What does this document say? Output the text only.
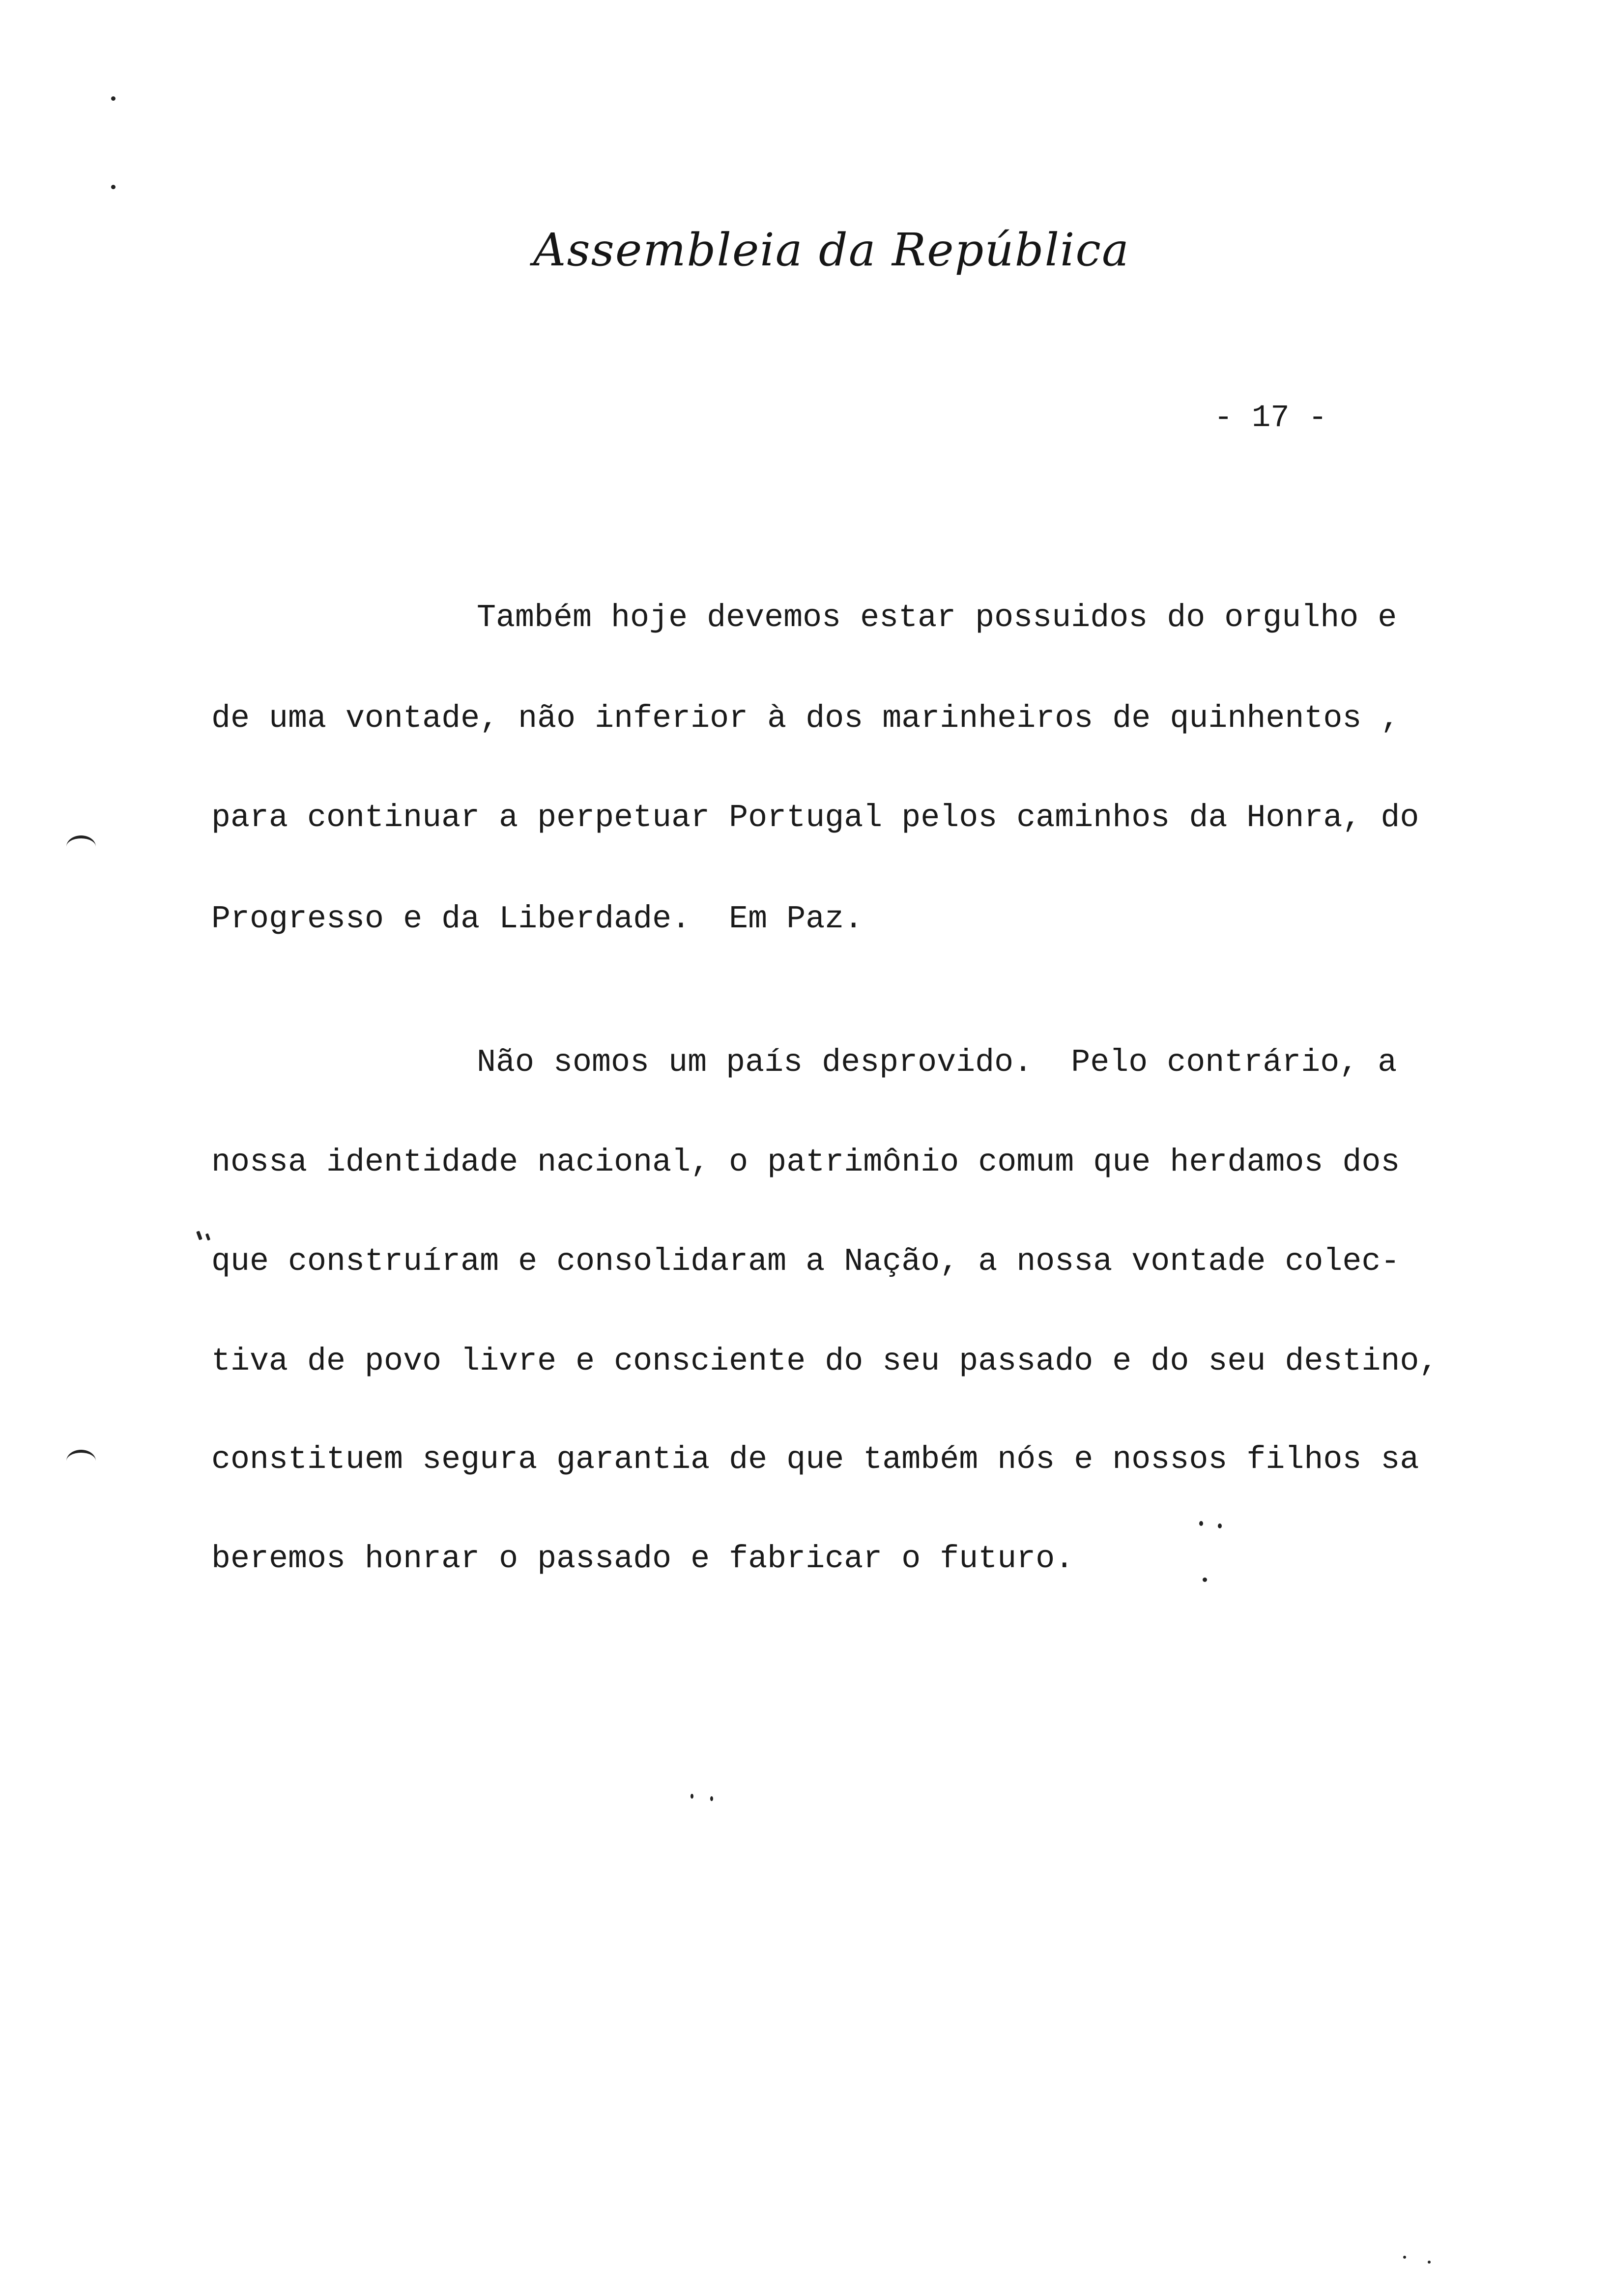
Assembleia da República
- 17 -
Também hoje devemos estar possuidos do orgulho e
de uma vontade, não inferior à dos marinheiros de quinhentos ,
para continuar a perpetuar Portugal pelos caminhos da Honra, do
Progresso e da Liberdade.  Em Paz.
Não somos um país desprovido.  Pelo contrário, a
nossa identidade nacional, o patrimônio comum que herdamos dos
que construíram e consolidaram a Nação, a nossa vontade colec-
tiva de povo livre e consciente do seu passado e do seu destino,
constituem segura garantia de que também nós e nossos filhos sa
beremos honrar o passado e fabricar o futuro.
